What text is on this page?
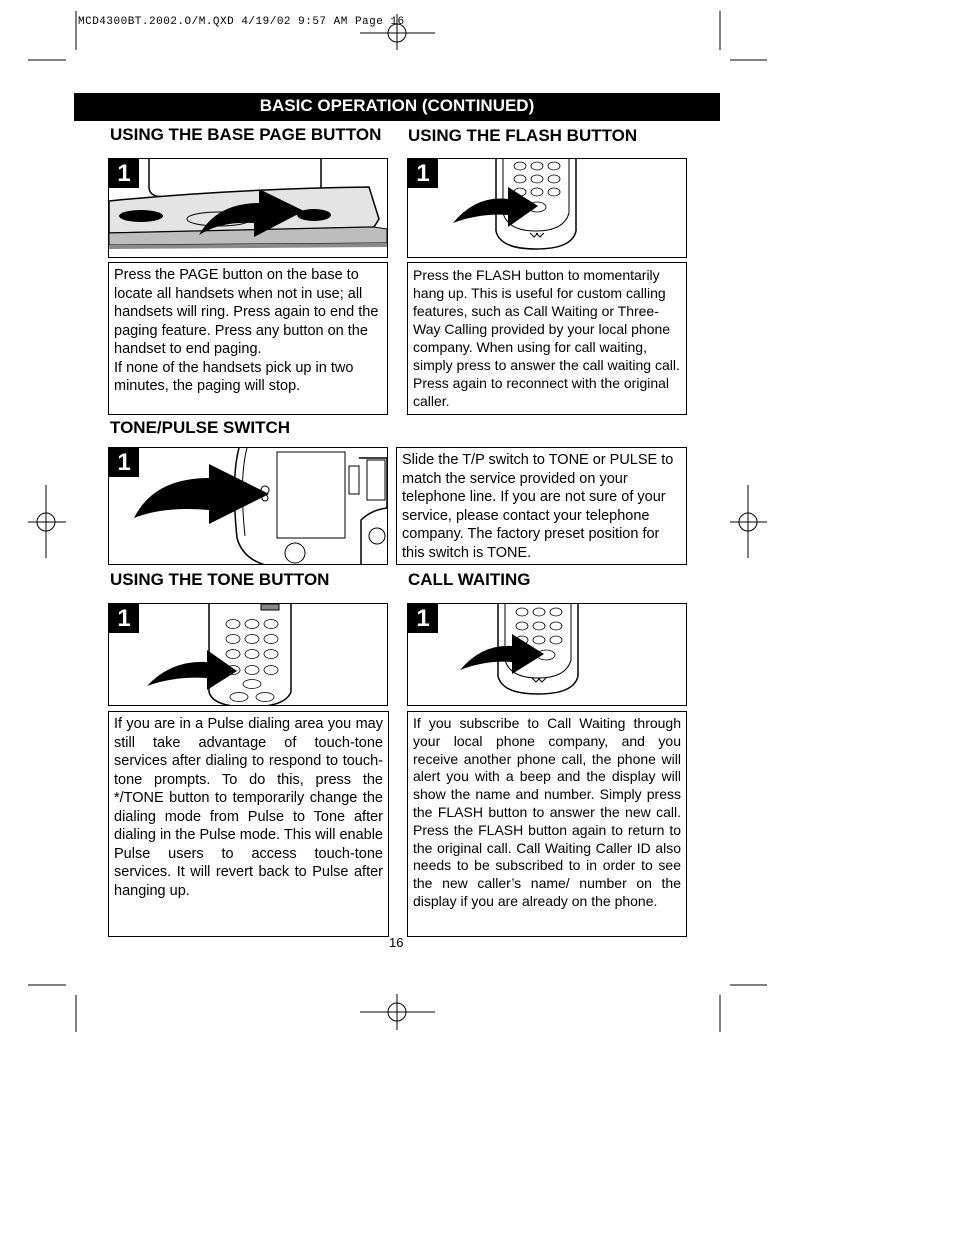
MCD4300BT.2002.O/M.QXD 4/19/02 9:57 AM Page 16
BASIC OPERATION (CONTINUED)
USING THE BASE PAGE BUTTON USING THE FLASH BUTTON
TONE/PULSE SWITCH
USING THE TONE BUTTON	CALL WAITING
1

Press the PAGE button on the base to locate all handsets when not in use; all handsets will ring. Press again to end the paging feature. Press any button on the handset to end paging.

If none of the handsets pick up in two minutes, the paging will stop.

1

Press the FLASH button to momentarily hang up. This is useful for custom calling features, such as Call Waiting or Three-Way Calling provided by your local phone company. When using for call waiting, simply press to answer the call waiting call. Press again to reconnect with the original caller.

1	Slide the T/P switch to TONE or PULSE to match the service provided on your telephone line. If you are not sure of your service, please contact your telephone company. The factory preset position for this switch is TONE.

1

If you are in a Pulse dialing area you may still take advantage of touch-tone services after dialing to respond to touch-tone prompts. To do this, press the */TONE button to temporarily change the dialing mode from Pulse to Tone after dialing in the Pulse mode. This will enable Pulse users to access touch-tone services. It will revert back to Pulse after hanging up.

1

If you subscribe to Call Waiting through your local phone company, and you receive another phone call, the phone will alert you with a beep and the display will show the name and number. Simply press the FLASH button to answer the new call. Press the FLASH button again to return to the original call. Call Waiting Caller ID also needs to be subscribed to in order to see the new caller’s name/ number on the display if you are already on the phone.

16
